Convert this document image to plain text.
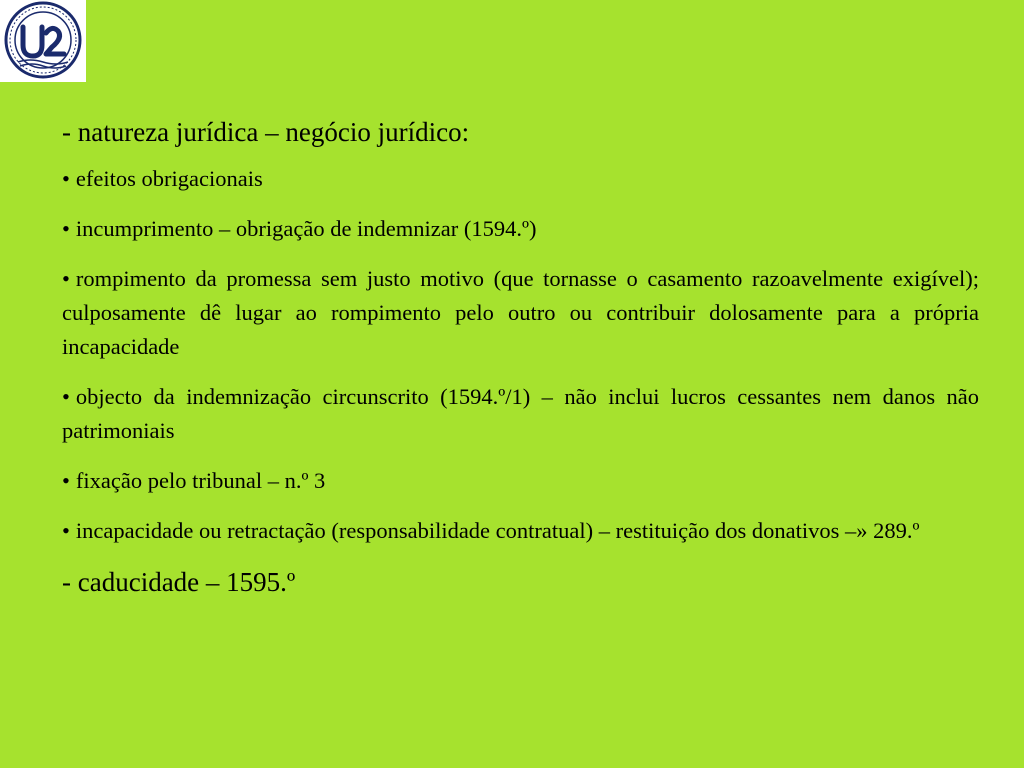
- natureza jurídica – negócio jurídico:
• efeitos obrigacionais
• incumprimento – obrigação de indemnizar (1594.º)
• rompimento da promessa sem justo motivo (que tornasse o casamento razoavelmente exigível); culposamente dê lugar ao rompimento pelo outro ou contribuir dolosamente para a própria incapacidade
• objecto da indemnização circunscrito (1594.º/1) – não inclui lucros cessantes nem danos não patrimoniais
• fixação pelo tribunal – n.º 3
• incapacidade ou retractação (responsabilidade contratual) – restituição dos donativos –» 289.º
- caducidade – 1595.º
